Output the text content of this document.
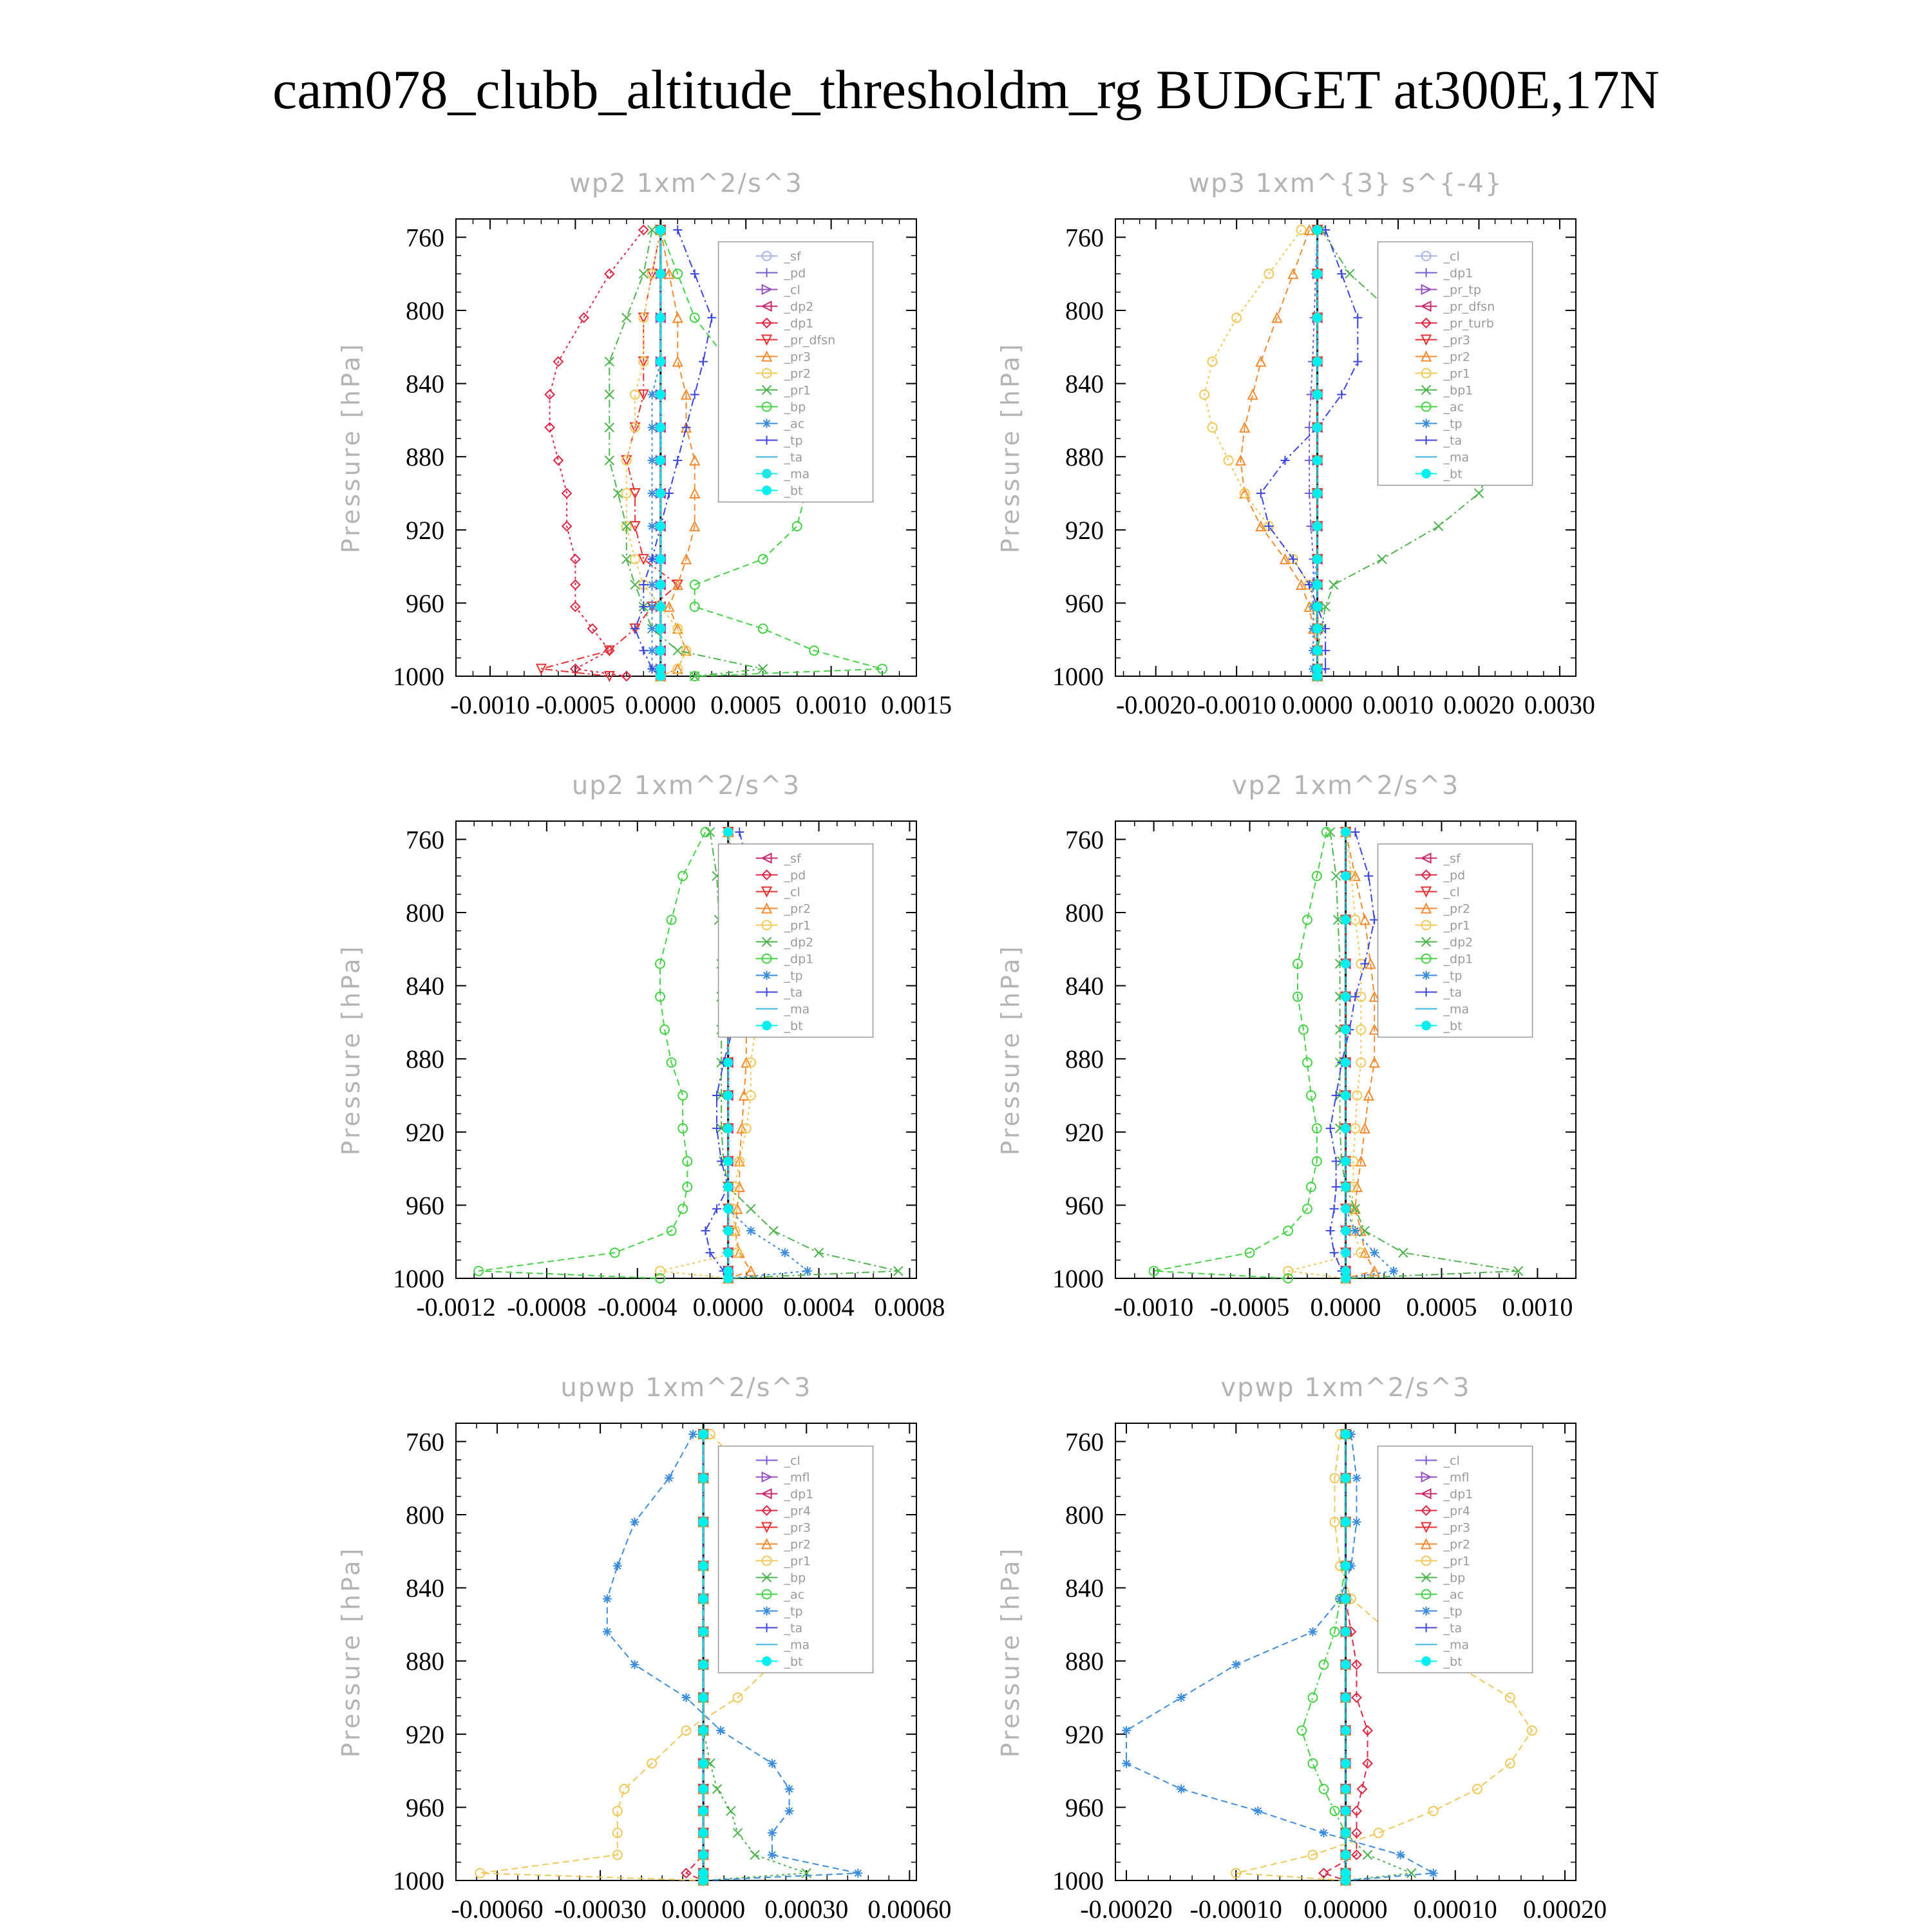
cam078_clubb_altitude_thresholdm_rg BUDGET at300E,17N
wp2 1xm^2/s^3
Pressure [hPa]
760
800
840
880
920
960
1000
-0.0010 -0.0005 0.0000 0.0005 0.0010 0.0015
_sf
_pd
_cl
_dp2
_dp1
_pr_dfsn
_pr3
_pr2
_pr1
_bp
_ac
_tp
_ta
_ma
_bt
wp3 1xm^{3} s^{-4}
Pressure [hPa]
760
800
840
880
920
960
1000
-0.0020 -0.0010 0.0000 0.0010 0.0020 0.0030
_cl
_dp1
_pr_tp
_pr_dfsn
_pr_turb
_pr3
_pr2
_pr1
_bp1
_ac
_tp
_ta
_ma
_bt
up2 1xm^2/s^3
Pressure [hPa]
760
800
840
880
920
960
1000
-0.0012 -0.0008 -0.0004 0.0000 0.0004 0.0008
_sf
_pd
_cl
_pr2
_pr1
_dp2
_dp1
_tp
_ta
_ma
_bt
vp2 1xm^2/s^3
Pressure [hPa]
760
800
840
880
920
960
1000
-0.0010 -0.0005 0.0000 0.0005 0.0010
_sf
_pd
_cl
_pr2
_pr1
_dp2
_dp1
_tp
_ta
_ma
_bt
upwp 1xm^2/s^3
Pressure [hPa]
760
800
840
880
920
960
1000
-0.00060 -0.00030 0.00000 0.00030 0.00060
_cl
_mfl
_dp1
_pr4
_pr3
_pr2
_pr1
_bp
_ac
_tp
_ta
_ma
_bt
vpwp 1xm^2/s^3
Pressure [hPa]
760
800
840
880
920
960
1000
-0.00020 -0.00010 0.00000 0.00010 0.00020
_cl
_mfl
_dp1
_pr4
_pr3
_pr2
_pr1
_bp
_ac
_tp
_ta
_ma
_bt
